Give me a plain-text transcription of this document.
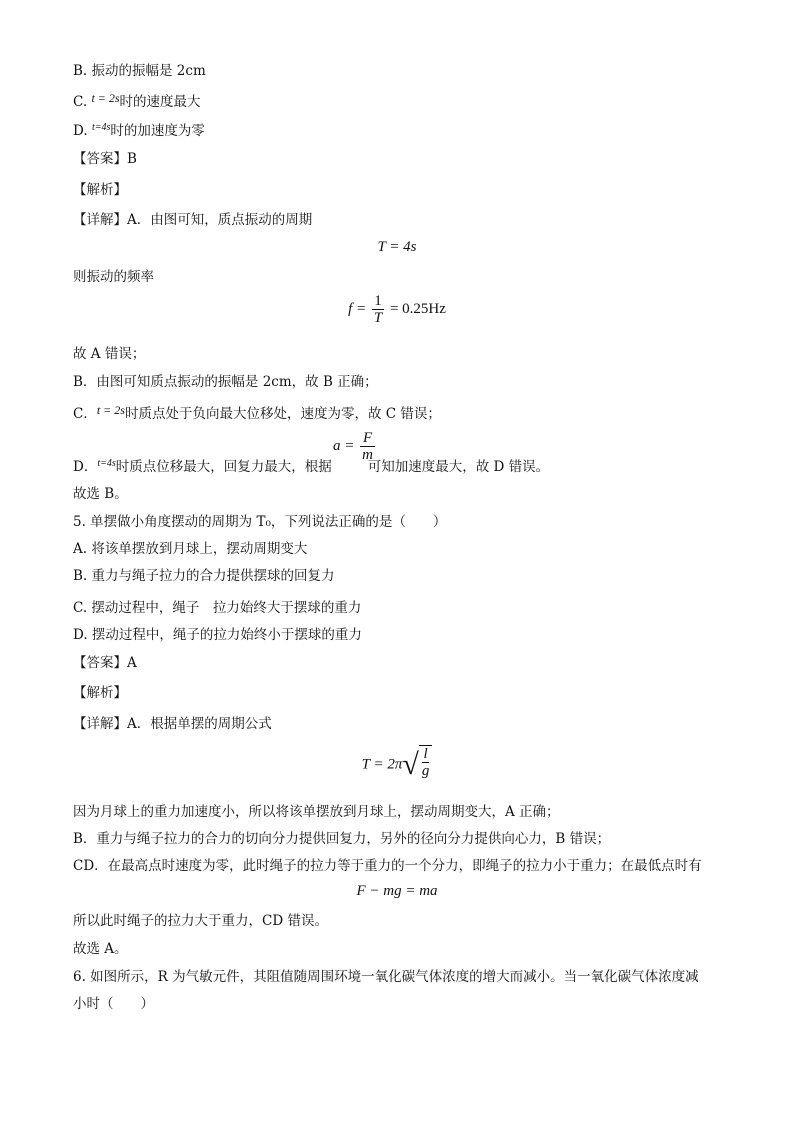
B. 振动的振幅是 2cm
C. t = 2s时的速度最大
D. $^{t=4s}$时的加速度为零
【答案】B
【解析】
【详解】A．由图可知，质点振动的周期
T = 4s
则振动的频率
$f = \frac{1}{T} = 0.25Hz$
故 A 错误；
B．由图可知质点振动的振幅是 2cm，故 B 正确；
C．t = 2s时质点处于负向最大位移处，速度为零，故 C 错误；
D．$^{t=4s}$时质点位移最大，回复力最大，根据	可知加速度最大，故 D 错误。
$a = \frac{F}{m}$
故选 B。
5. 单摆做小角度摆动的周期为 T₀，下列说法正确的是（　　）
A. 将该单摆放到月球上，摆动周期变大
B. 重力与绳子拉力的合力提供摆球的回复力
C. 摆动过程中，绳子　拉力始终大于摆球的重力
D. 摆动过程中，绳子的拉力始终小于摆球的重力
【答案】A
【解析】
【详解】A．根据单摆的周期公式
T = 2π √ l
g
因为月球上的重力加速度小，所以将该单摆放到月球上，摆动周期变大，A 正确；
B．重力与绳子拉力的合力的切向分力提供回复力，另外的径向分力提供向心力，B 错误；
CD．在最高点时速度为零，此时绳子的拉力等于重力的一个分力，即绳子的拉力小于重力；在最低点时有
F − mg = ma
所以此时绳子的拉力大于重力，CD 错误。
故选 A。
6. 如图所示，R 为气敏元件，其阻值随周围环境一氧化碳气体浓度的增大而减小。当一氧化碳气体浓度减
小时（　　）
